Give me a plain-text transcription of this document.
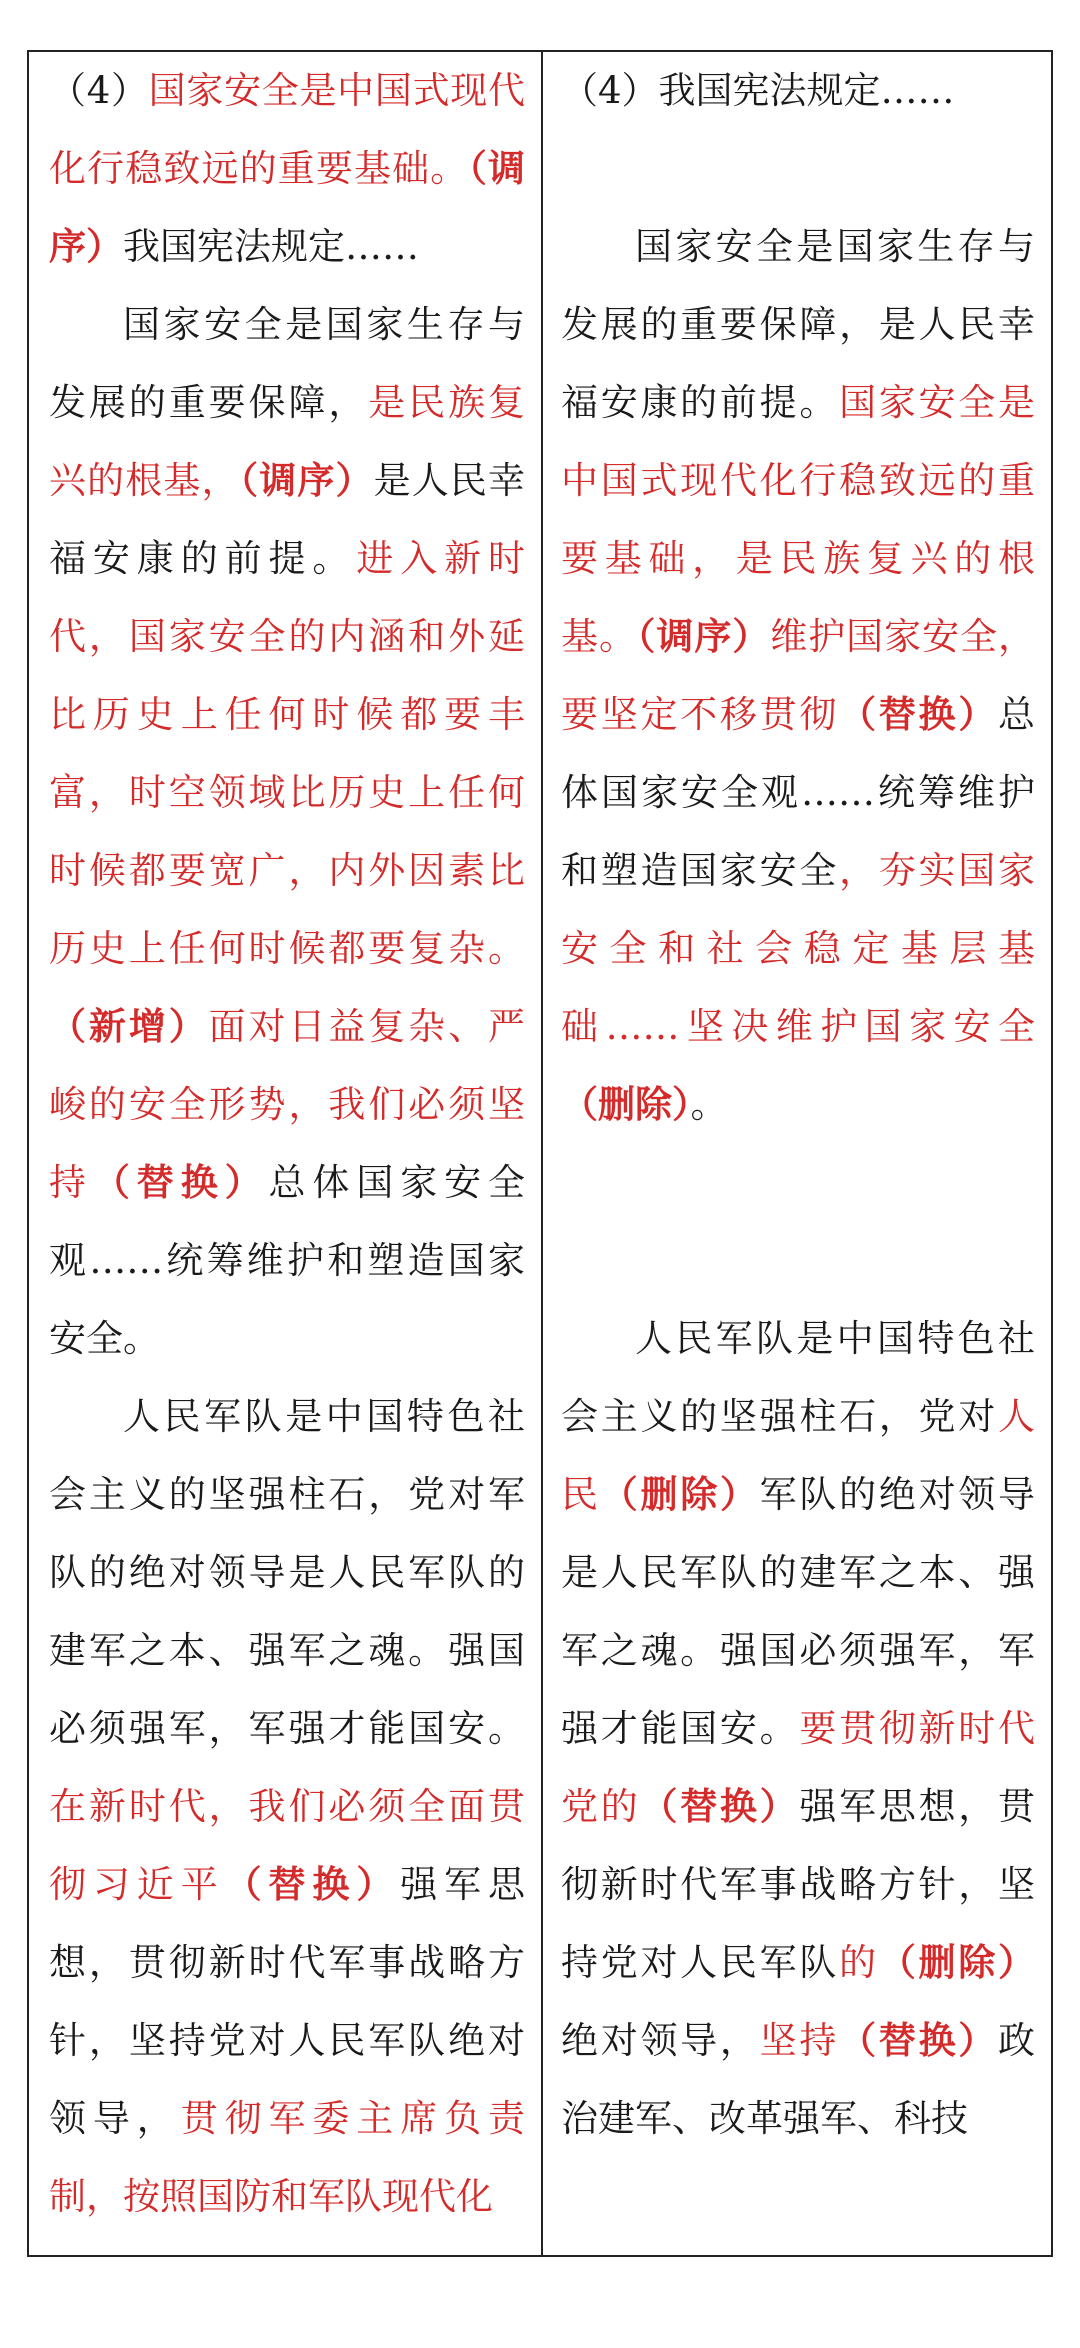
（4）国家安全是中国式现代化行稳致远的重要基础。（调序）我国宪法规定……

国家安全是国家生存与发展的重要保障，是民族复兴的根基，（调序）是人民幸福安康的前提。进入新时代，国家安全的内涵和外延比历史上任何时候都要丰富，时空领域比历史上任何时候都要宽广，内外因素比历史上任何时候都要复杂。（新增）面对日益复杂、严峻的安全形势，我们必须坚持（替换）总体国家安全观……统筹维护和塑造国家安全。

人民军队是中国特色社会主义的坚强柱石，党对军队的绝对领导是人民军队的建军之本、强军之魂。强国必须强军，军强才能国安。在新时代，我们必须全面贯彻习近平（替换）强军思想，贯彻新时代军事战略方针，坚持党对人民军队绝对领导，贯彻军委主席负责制，按照国防和军队现代化

（4）我国宪法规定……

国家安全是国家生存与发展的重要保障，是人民幸福安康的前提。国家安全是中国式现代化行稳致远的重要基础，是民族复兴的根基。（调序）维护国家安全，要坚定不移贯彻（替换）总体国家安全观……统筹维护和塑造国家安全，夯实国家安全和社会稳定基层基础……坚决维护国家安全（删除）。

人民军队是中国特色社会主义的坚强柱石，党对人民（删除）军队的绝对领导是人民军队的建军之本、强军之魂。强国必须强军，军强才能国安。要贯彻新时代党的（替换）强军思想，贯彻新时代军事战略方针，坚持党对人民军队的（删除）绝对领导，坚持（替换）政治建军、改革强军、科技
